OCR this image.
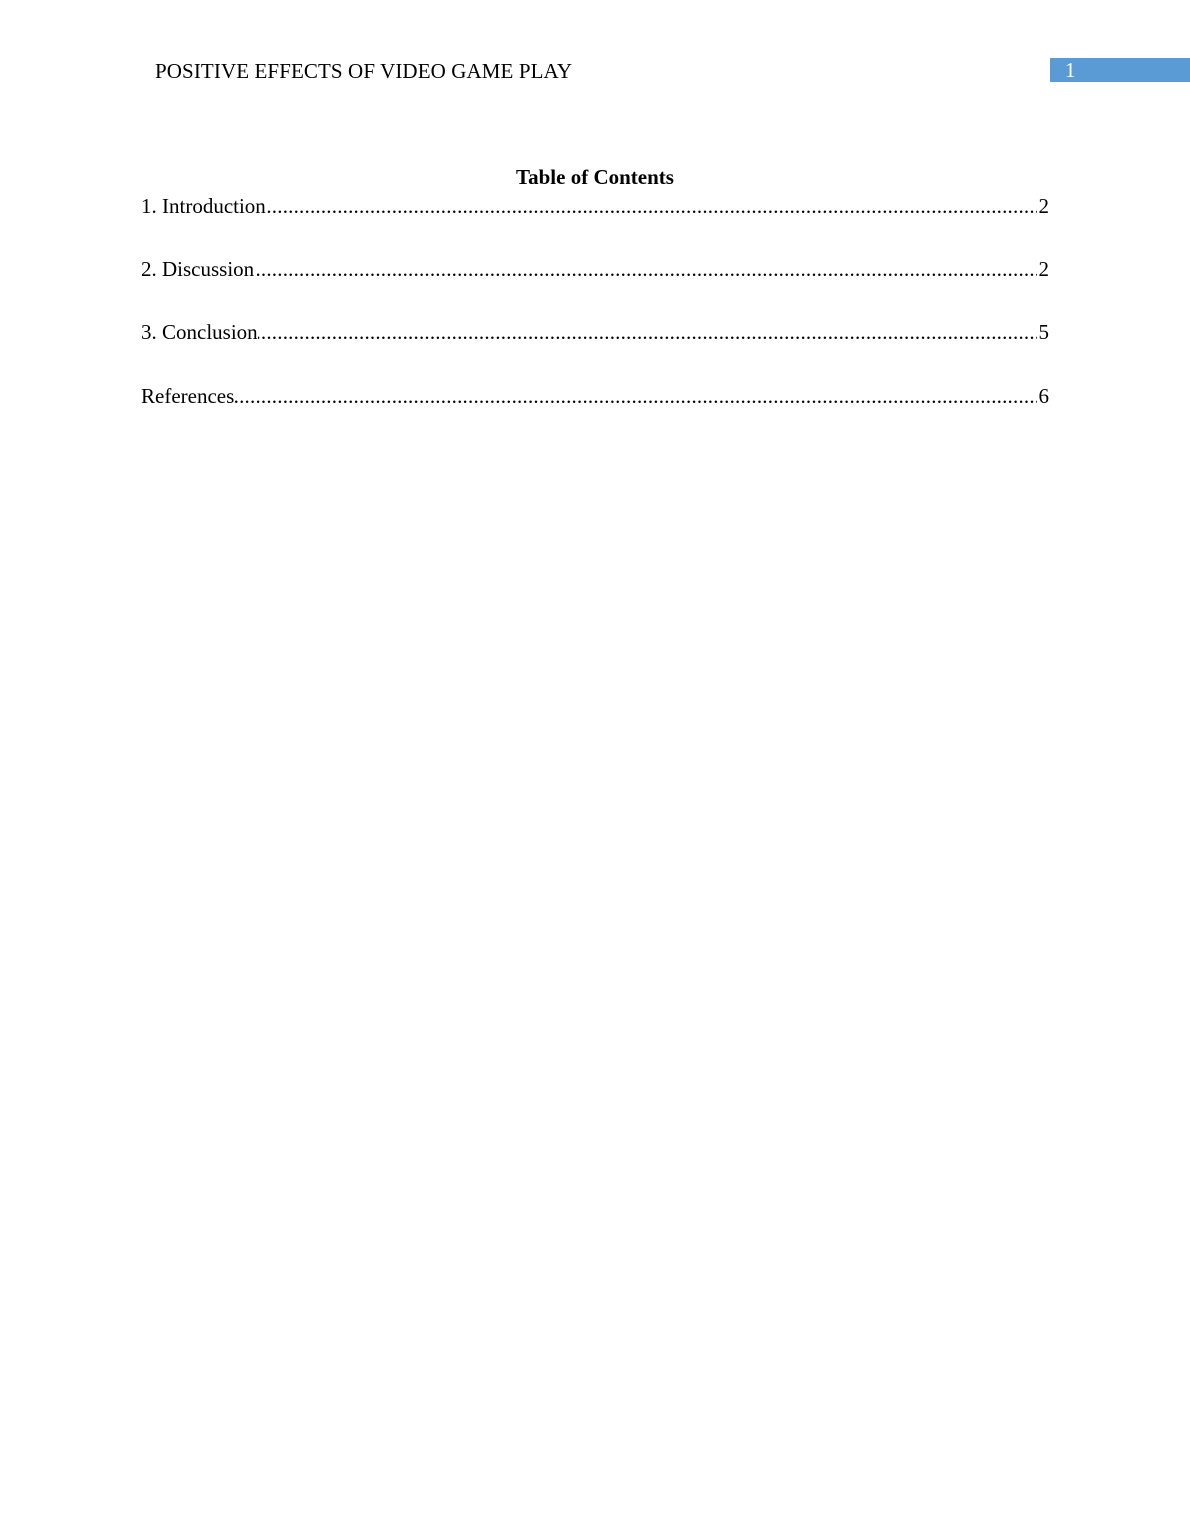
POSITIVE EFFECTS OF VIDEO GAME PLAY	1
Table of Contents
.....
1. Introduction	2
.....
2. Discussion	2
.....
3. Conclusion	5
.....
References	6
